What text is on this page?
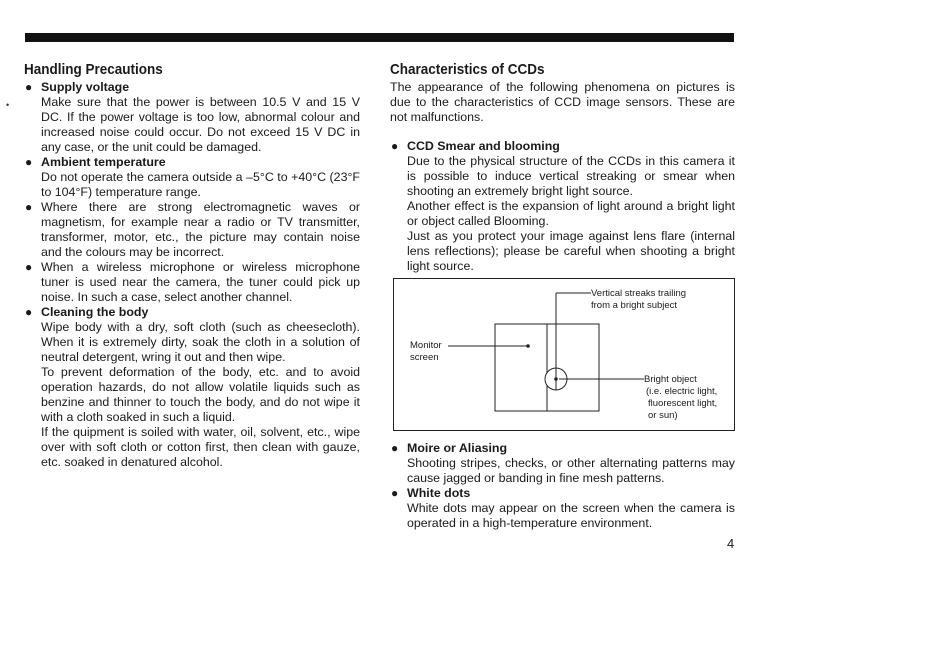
•
Handling Precautions
● Supply voltage
Make sure that the power is between 10.5 V and 15 V DC. If the power voltage is too low, abnormal colour and increased noise could occur. Do not exceed 15 V DC in any case, or the unit could be damaged.
● Ambient temperature
Do not operate the camera outside a –5°C to +40°C (23°F to 104°F) temperature range.
● Where there are strong electromagnetic waves or magnetism, for example near a radio or TV transmitter, transformer, motor, etc., the picture may contain noise and the colours may be incorrect.
● When a wireless microphone or wireless microphone tuner is used near the camera, the tuner could pick up noise. In such a case, select another channel.
● Cleaning the body
Wipe body with a dry, soft cloth (such as cheesecloth). When it is extremely dirty, soak the cloth in a solution of neutral detergent, wring it out and then wipe.
To prevent deformation of the body, etc. and to avoid operation hazards, do not allow volatile liquids such as benzine and thinner to touch the body, and do not wipe it with a cloth soaked in such a liquid.
If the quipment is soiled with water, oil, solvent, etc., wipe over with soft cloth or cotton first, then clean with gauze, etc. soaked in denatured alcohol.
Characteristics of CCDs
The appearance of the following phenomena on pictures is due to the characteristics of CCD image sensors. These are not malfunctions.
● CCD Smear and blooming
Due to the physical structure of the CCDs in this camera it is possible to induce vertical streaking or smear when shooting an extremely bright light source.
Another effect is the expansion of light around a bright light or object called Blooming.
Just as you protect your image against lens flare (internal lens reflections); please be careful when shooting a bright light source.
Vertical streaks trailing
from a bright subject
Monitor
screen
Bright object
(i.e. electric light,
fluorescent light,
or sun)
● Moire or Aliasing
Shooting stripes, checks, or other alternating patterns may cause jagged or banding in fine mesh patterns.
● White dots
White dots may appear on the screen when the camera is operated in a high-temperature environment.
4
